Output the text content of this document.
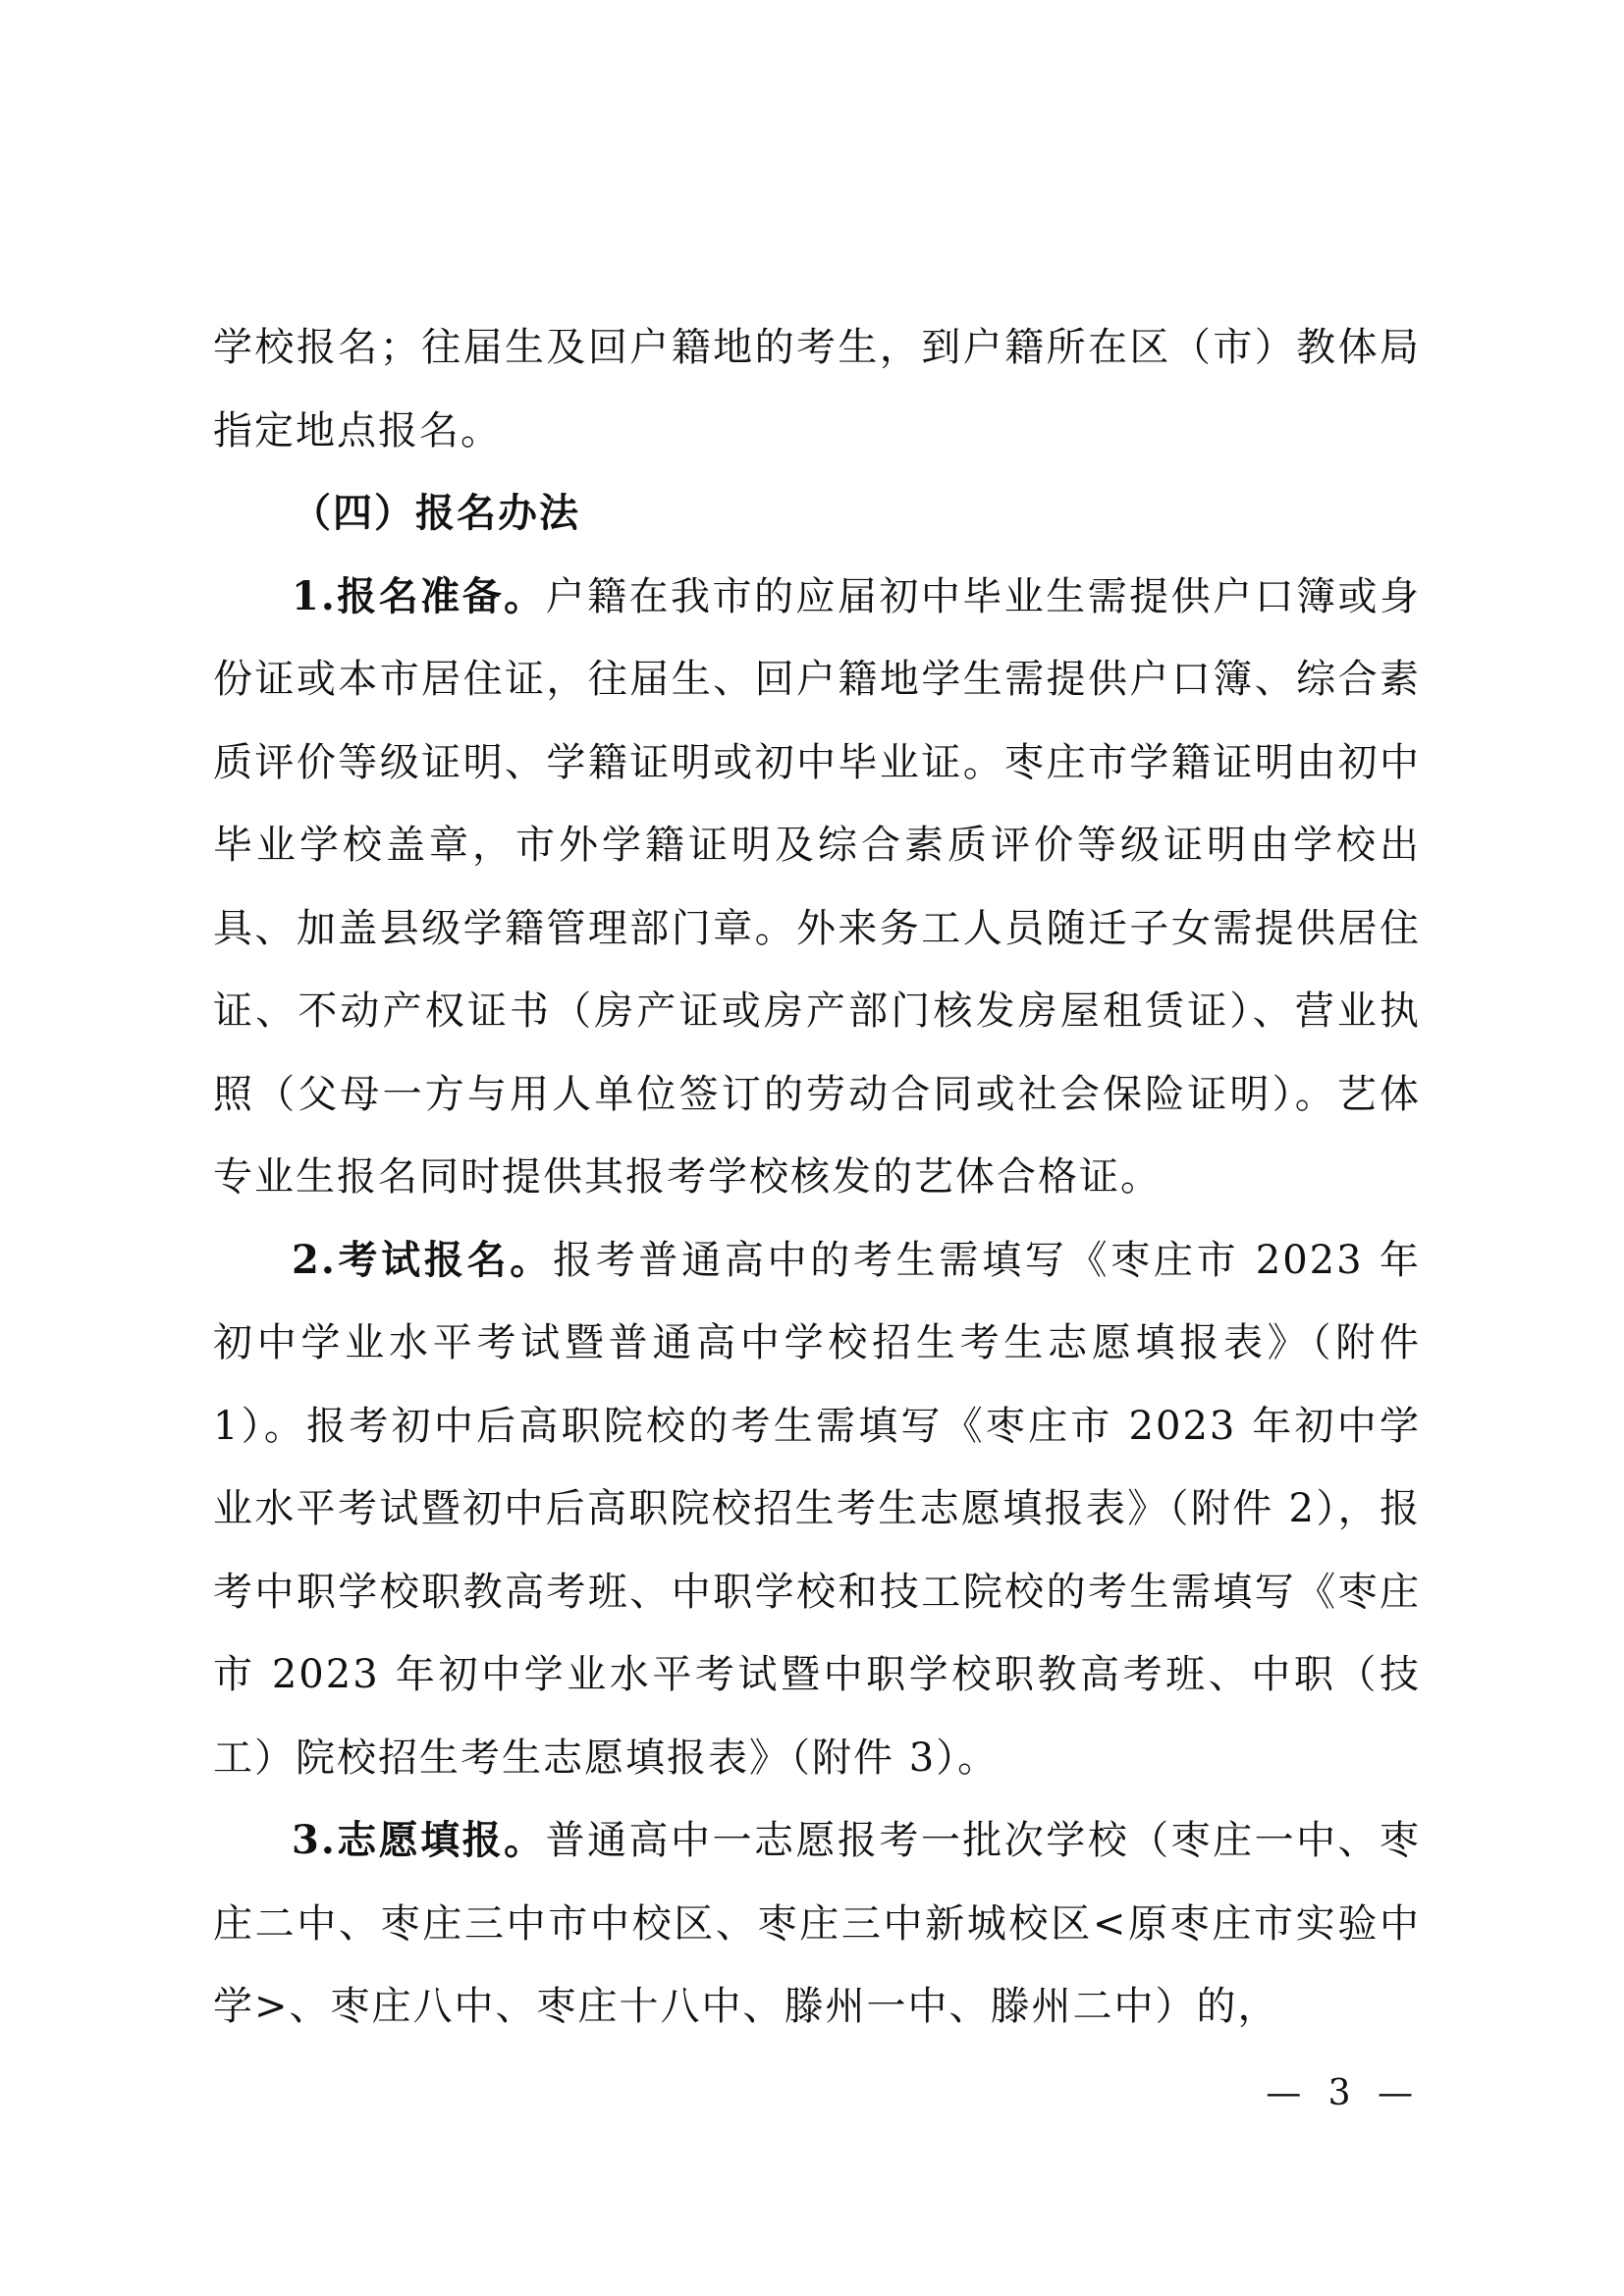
学校报名；往届生及回户籍地的考生，到户籍所在区（市）教体局指定地点报名。

（四）报名办法

1.报名准备。户籍在我市的应届初中毕业生需提供户口簿或身份证或本市居住证，往届生、回户籍地学生需提供户口簿、综合素质评价等级证明、学籍证明或初中毕业证。枣庄市学籍证明由初中毕业学校盖章，市外学籍证明及综合素质评价等级证明由学校出具、加盖县级学籍管理部门章。外来务工人员随迁子女需提供居住证、不动产权证书（房产证或房产部门核发房屋租赁证）、营业执照（父母一方与用人单位签订的劳动合同或社会保险证明）。艺体专业生报名同时提供其报考学校核发的艺体合格证。

2.考试报名。报考普通高中的考生需填写《枣庄市 2023 年初中学业水平考试暨普通高中学校招生考生志愿填报表》（附件 1）。报考初中后高职院校的考生需填写《枣庄市 2023 年初中学业水平考试暨初中后高职院校招生考生志愿填报表》（附件 2），报考中职学校职教高考班、中职学校和技工院校的考生需填写《枣庄市 2023 年初中学业水平考试暨中职学校职教高考班、中职（技工）院校招生考生志愿填报表》（附件 3）。

3.志愿填报。普通高中一志愿报考一批次学校（枣庄一中、枣庄二中、枣庄三中市中校区、枣庄三中新城校区<原枣庄市实验中学>、枣庄八中、枣庄十八中、滕州一中、滕州二中）的，

— 3 —
